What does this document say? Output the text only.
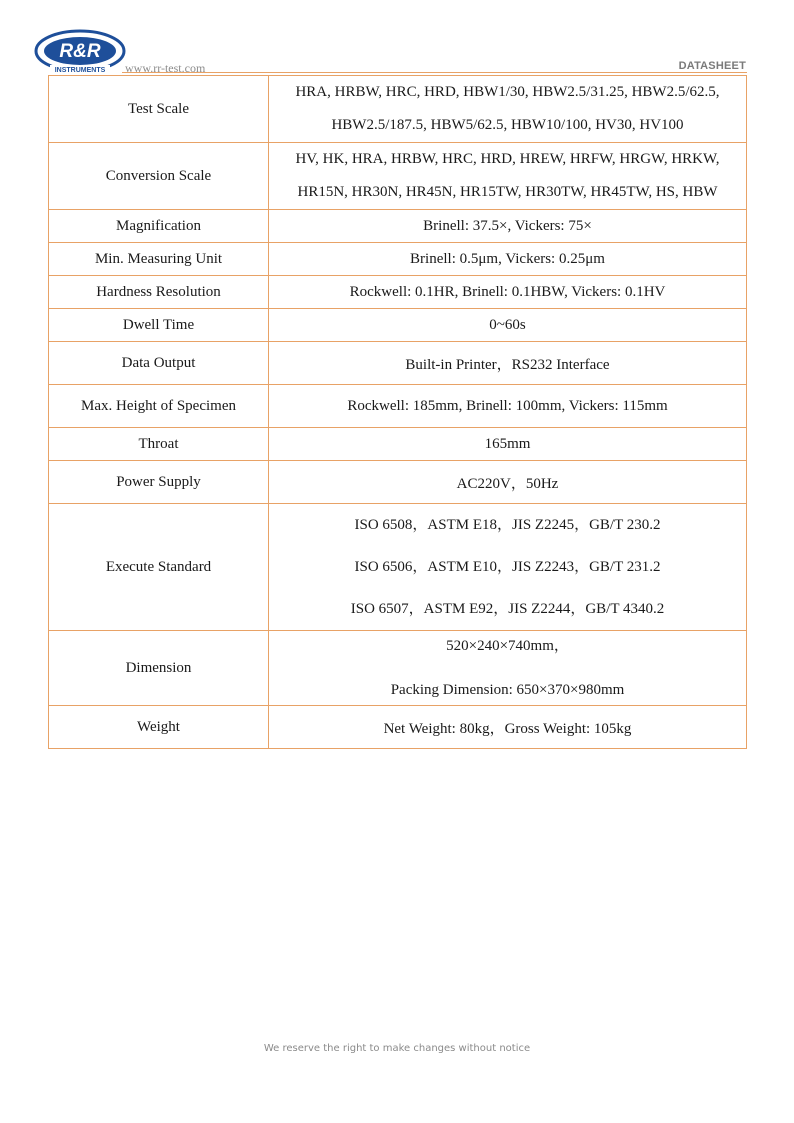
R&R
INSTRUMENTS www.rr-test.com	DATASHEET
Test Scale	HRA, HRBW, HRC, HRD, HBW1/30, HBW2.5/31.25, HBW2.5/62.5,
HBW2.5/187.5, HBW5/62.5, HBW10/100, HV30, HV100

Conversion Scale	HV, HK, HRA, HRBW, HRC, HRD, HREW, HRFW, HRGW, HRKW,
HR15N, HR30N, HR45N, HR15TW, HR30TW, HR45TW, HS, HBW

Magnification	Brinell: 37.5×, Vickers: 75×
Min. Measuring Unit	Brinell: 0.5μm, Vickers: 0.25μm
Hardness Resolution	Rockwell: 0.1HR, Brinell: 0.1HBW, Vickers: 0.1HV
Dwell Time	0~60s
Data Output	Built-in Printer，RS232 Interface
Max. Height of Specimen	Rockwell: 185mm, Brinell: 100mm, Vickers: 115mm
Throat	165mm
Power Supply	AC220V，50Hz
Execute Standard	ISO 6508，ASTM E18，JIS Z2245，GB/T 230.2
ISO 6506，ASTM E10，JIS Z2243，GB/T 231.2
ISO 6507，ASTM E92，JIS Z2244，GB/T 4340.2

Dimension	520×240×740mm，
Packing Dimension: 650×370×980mm

Weight	Net Weight: 80kg，Gross Weight: 105kg
We reserve the right to make changes without notice
